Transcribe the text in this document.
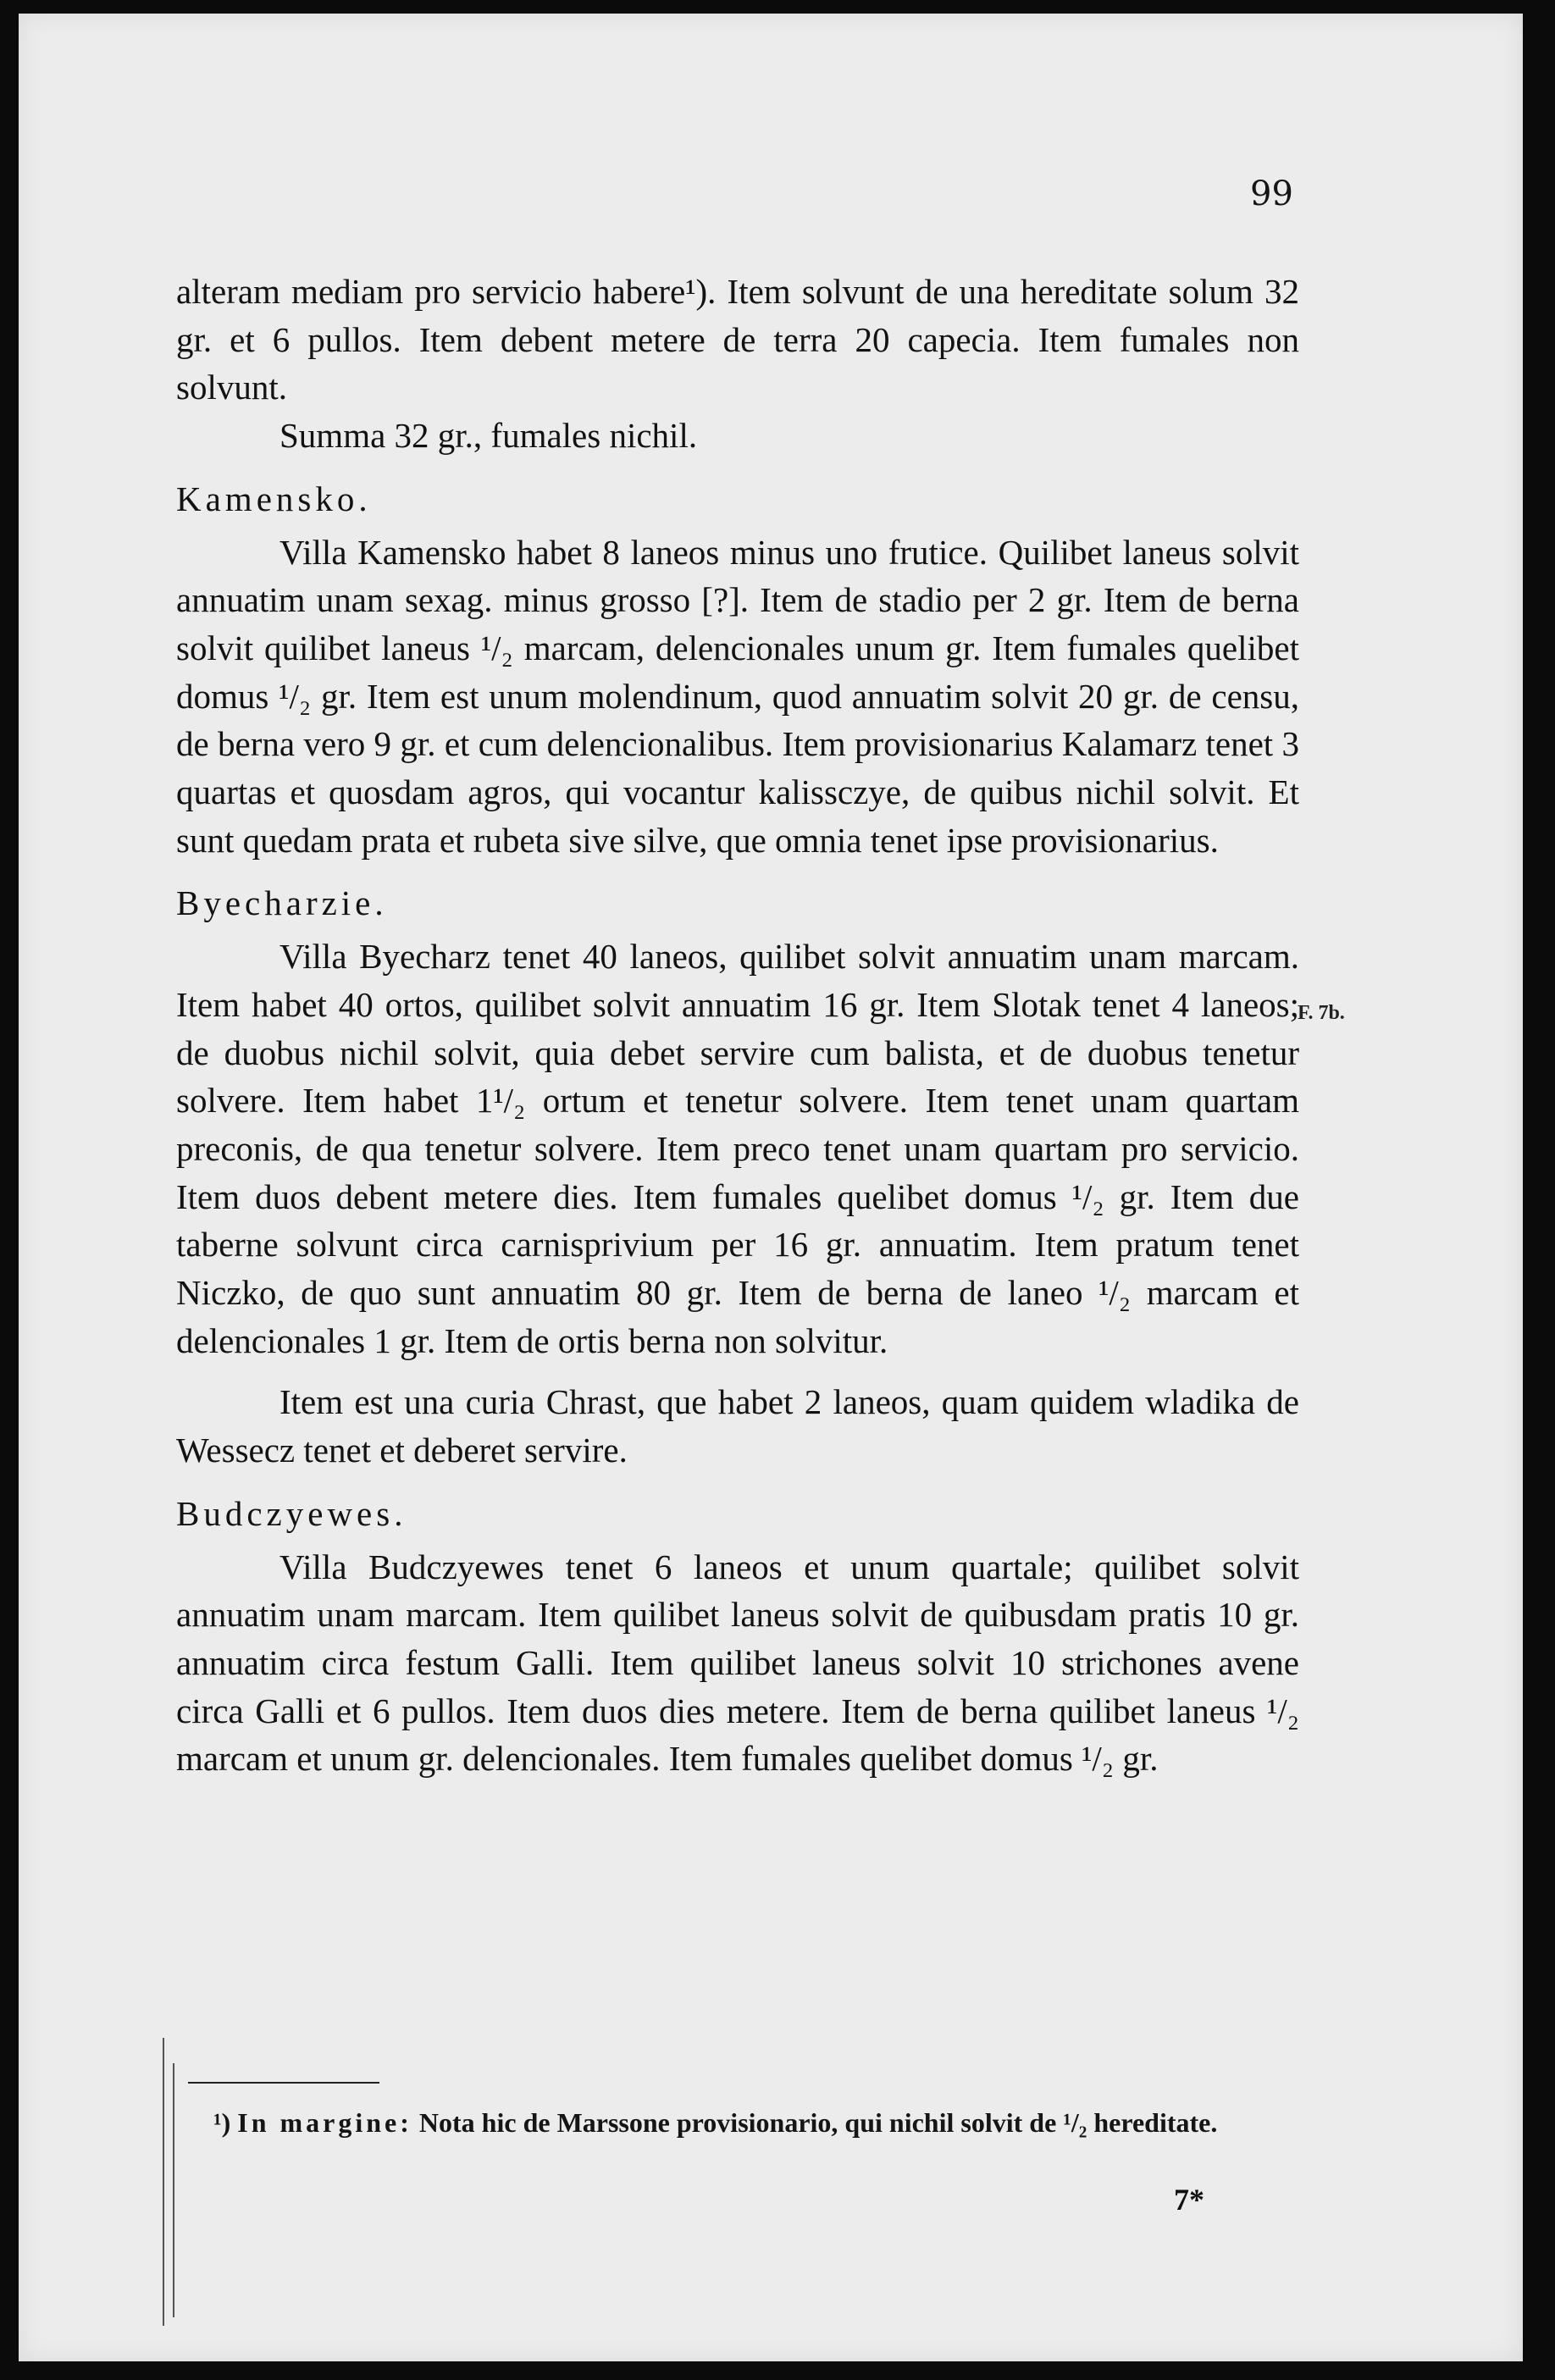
99

alteram mediam pro servicio habere¹). Item solvunt de una hereditate solum 32 gr. et 6 pullos. Item debent metere de terra 20 capecia. Item fumales non solvunt.

Summa 32 gr., fumales nichil.

Kamensko.

Villa Kamensko habet 8 laneos minus uno frutice. Quilibet laneus solvit annuatim unam sexag. minus grosso [?]. Item de stadio per 2 gr. Item de berna solvit quilibet laneus ¹/₂ marcam, delencionales unum gr. Item fumales quelibet domus ¹/₂ gr. Item est unum molendinum, quod annuatim solvit 20 gr. de censu, de berna vero 9 gr. et cum delencionalibus. Item provisionarius Kalamarz tenet 3 quartas et quosdam agros, qui vocantur kalissczye, de quibus nichil solvit. Et sunt quedam prata et rubeta sive silve, que omnia tenet ipse provisionarius.

Byecharzie.

Villa Byecharz tenet 40 laneos, quilibet solvit annuatim unam marcam. Item habet 40 ortos, quilibet solvit annuatim 16 gr. Item Slotak tenet 4 laneos; de duobus nichil solvit, quia debet servire cum balista, et de duobus tenetur solvere. Item habet 1¹/₂ ortum et tenetur solvere. Item tenet unam quartam preconis, de qua tenetur solvere. Item preco tenet unam quartam pro servicio. Item duos debent metere dies. Item fumales quelibet domus ¹/₂ gr. Item due taberne solvunt circa carnisprivium per 16 gr. annuatim. Item pratum tenet Niczko, de quo sunt annuatim 80 gr. Item de berna de laneo ¹/₂ marcam et delencionales 1 gr. Item de ortis berna non solvitur.

Item est una curia Chrast, que habet 2 laneos, quam quidem wladika de Wessecz tenet et deberet servire.

Budczyewes.

Villa Budczyewes tenet 6 laneos et unum quartale; quilibet solvit annuatim unam marcam. Item quilibet laneus solvit de quibusdam pratis 10 gr. annuatim circa festum Galli. Item quilibet laneus solvit 10 strichones avene circa Galli et 6 pullos. Item duos dies metere. Item de berna quilibet laneus ¹/₂ marcam et unum gr. delencionales. Item fumales quelibet domus ¹/₂ gr.

F. 7b.
¹) In margine: Nota hic de Marssone provisionario, qui nichil solvit de ¹/₂ hereditate.
7*
